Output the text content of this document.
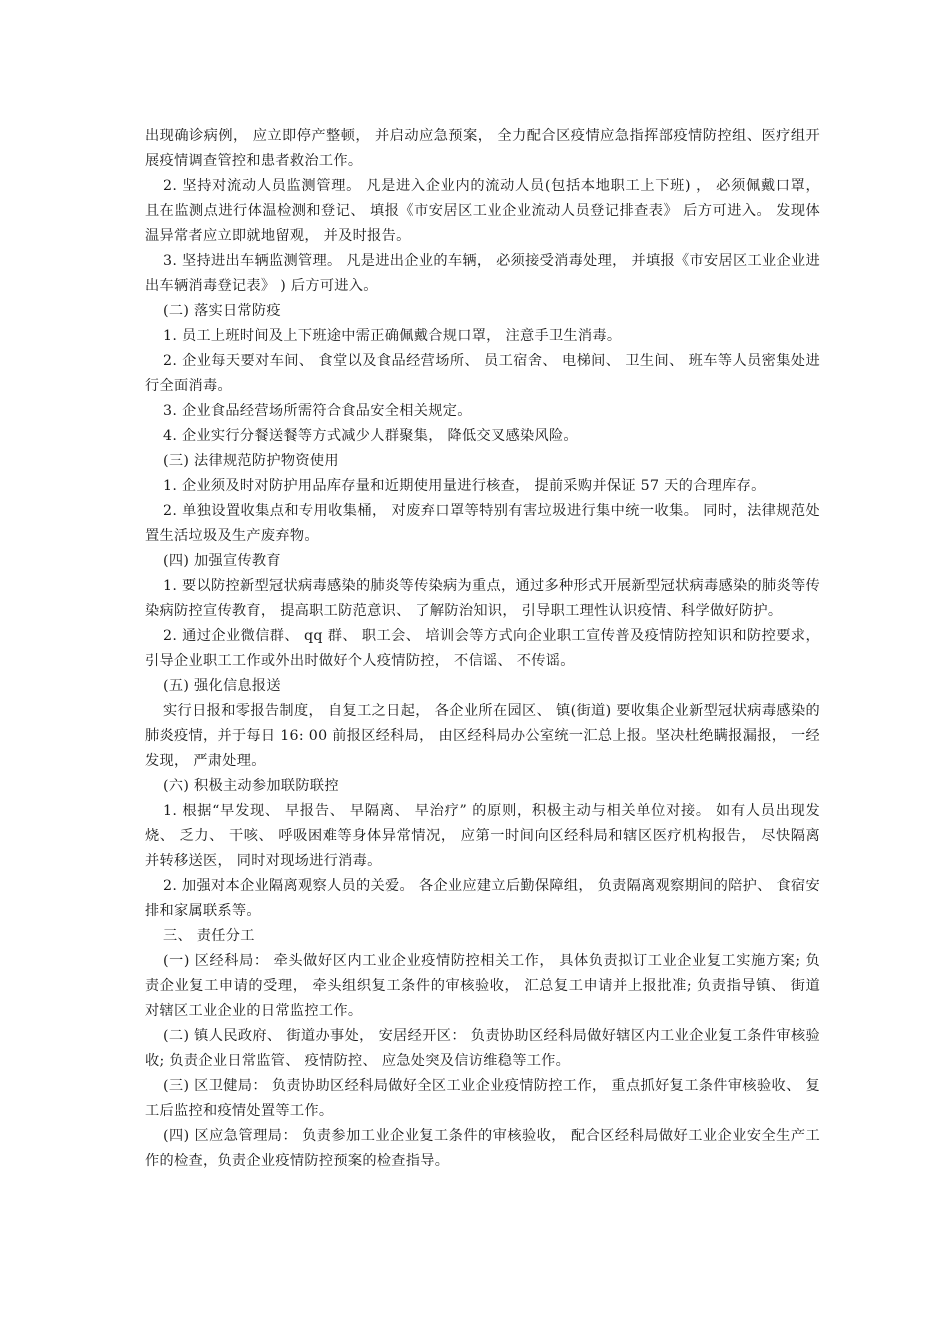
出现确诊病例， 应立即停产整顿， 并启动应急预案， 全力配合区疫情应急指挥部疫情防控组、医疗组开展疫情调查管控和患者救治工作。

2. 坚持对流动人员监测管理。 凡是进入企业内的流动人员(包括本地职工上下班) ， 必须佩戴口罩， 且在监测点进行体温检测和登记、 填报《市安居区工业企业流动人员登记排查表》 后方可进入。 发现体温异常者应立即就地留观， 并及时报告。

3. 坚持进出车辆监测管理。 凡是进出企业的车辆， 必须接受消毒处理， 并填报《市安居区工业企业进出车辆消毒登记表》 ) 后方可进入。

(二) 落实日常防疫

1. 员工上班时间及上下班途中需正确佩戴合规口罩， 注意手卫生消毒。

2. 企业每天要对车间、 食堂以及食品经营场所、 员工宿舍、 电梯间、 卫生间、 班车等人员密集处进行全面消毒。

3. 企业食品经营场所需符合食品安全相关规定。

4. 企业实行分餐送餐等方式减少人群聚集， 降低交叉感染风险。

(三) 法律规范防护物资使用

1. 企业须及时对防护用品库存量和近期使用量进行核查， 提前采购并保证 57 天的合理库存。

2. 单独设置收集点和专用收集桶， 对废弃口罩等特别有害垃圾进行集中统一收集。 同时，法律规范处置生活垃圾及生产废弃物。

(四) 加强宣传教育

1. 要以防控新型冠状病毒感染的肺炎等传染病为重点，通过多种形式开展新型冠状病毒感染的肺炎等传染病防控宣传教育， 提高职工防范意识、 了解防治知识， 引导职工理性认识疫情、科学做好防护。

2. 通过企业微信群、 qq 群、 职工会、 培训会等方式向企业职工宣传普及疫情防控知识和防控要求， 引导企业职工工作或外出时做好个人疫情防控， 不信谣、 不传谣。

(五) 强化信息报送

实行日报和零报告制度， 自复工之日起， 各企业所在园区、 镇(街道) 要收集企业新型冠状病毒感染的肺炎疫情，并于每日 16: 00 前报区经科局， 由区经科局办公室统一汇总上报。坚决杜绝瞒报漏报， 一经发现， 严肃处理。

(六) 积极主动参加联防联控

1. 根据“早发现、 早报告、 早隔离、 早治疗” 的原则，积极主动与相关单位对接。 如有人员出现发烧、 乏力、 干咳、 呼吸困难等身体异常情况， 应第一时间向区经科局和辖区医疗机构报告， 尽快隔离并转移送医， 同时对现场进行消毒。

2. 加强对本企业隔离观察人员的关爱。 各企业应建立后勤保障组， 负责隔离观察期间的陪护、 食宿安排和家属联系等。

三、 责任分工

(一) 区经科局： 牵头做好区内工业企业疫情防控相关工作， 具体负责拟订工业企业复工实施方案; 负责企业复工申请的受理， 牵头组织复工条件的审核验收， 汇总复工申请并上报批准; 负责指导镇、 街道对辖区工业企业的日常监控工作。

(二) 镇人民政府、 街道办事处， 安居经开区： 负责协助区经科局做好辖区内工业企业复工条件审核验收; 负责企业日常监管、 疫情防控、 应急处突及信访维稳等工作。

(三) 区卫健局： 负责协助区经科局做好全区工业企业疫情防控工作， 重点抓好复工条件审核验收、 复工后监控和疫情处置等工作。

(四) 区应急管理局： 负责参加工业企业复工条件的审核验收， 配合区经科局做好工业企业安全生产工作的检查，负责企业疫情防控预案的检查指导。
